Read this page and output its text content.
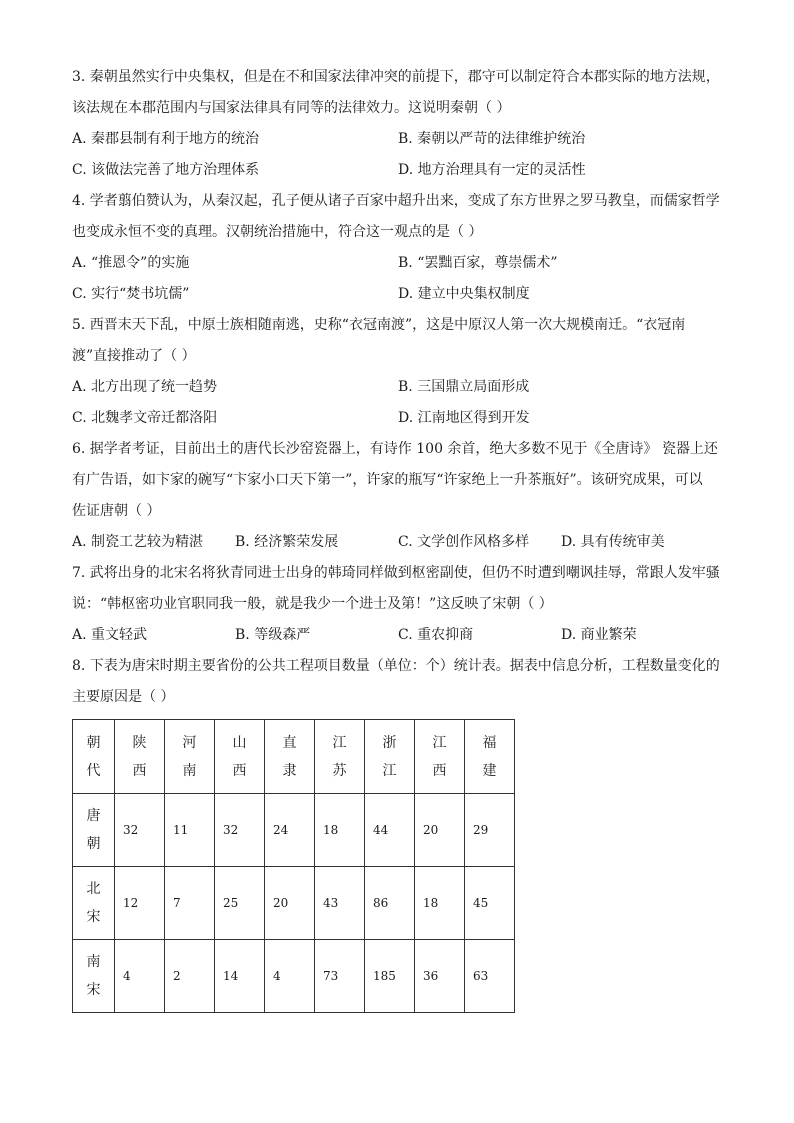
3. 秦朝虽然实行中央集权，但是在不和国家法律冲突的前提下，郡守可以制定符合本郡实际的地方法规，
该法规在本郡范围内与国家法律具有同等的法律效力。这说明秦朝（ ）
A. 秦郡县制有利于地方的统治	B. 秦朝以严苛的法律维护统治
C. 该做法完善了地方治理体系	D. 地方治理具有一定的灵活性
4. 学者翦伯赞认为，从秦汉起，孔子便从诸子百家中超升出来，变成了东方世界之罗马教皇，而儒家哲学
也变成永恒不变的真理。汉朝统治措施中，符合这一观点的是（ ）
A. “推恩令”的实施	B. “罢黜百家，尊崇儒术”
C. 实行“焚书坑儒”	D. 建立中央集权制度
5. 西晋末天下乱，中原士族相随南逃，史称“衣冠南渡”，这是中原汉人第一次大规模南迁。“衣冠南
渡”直接推动了（ ）
A. 北方出现了统一趋势	B. 三国鼎立局面形成
C. 北魏孝文帝迁都洛阳	D. 江南地区得到开发
6. 据学者考证，目前出土的唐代长沙窑瓷器上，有诗作 100 余首，绝大多数不见于《全唐诗》 瓷器上还
有广告语，如卞家的碗写“卞家小口天下第一”，许家的瓶写“许家绝上一升茶瓶好”。该研究成果，可以
佐证唐朝（ ）
A. 制瓷工艺较为精湛	B. 经济繁荣发展	C. 文学创作风格多样	D. 具有传统审美
7. 武将出身的北宋名将狄青同进士出身的韩琦同样做到枢密副使，但仍不时遭到嘲讽挂辱，常跟人发牢骚
说：“韩枢密功业官职同我一般，就是我少一个进士及第！”这反映了宋朝（ ）
A. 重文轻武	B. 等级森严	C. 重农抑商	D. 商业繁荣
8. 下表为唐宋时期主要省份的公共工程项目数量（单位：个）统计表。据表中信息分析，工程数量变化的
主要原因是（ ）
朝代	陕西	河南	山西	直隶	江苏	浙江	江西	福建
唐朝	32	11	32	24	18	44	20	29
北宋	12	7	25	20	43	86	18	45
南宋	4	2	14	4	73	185	36	63
